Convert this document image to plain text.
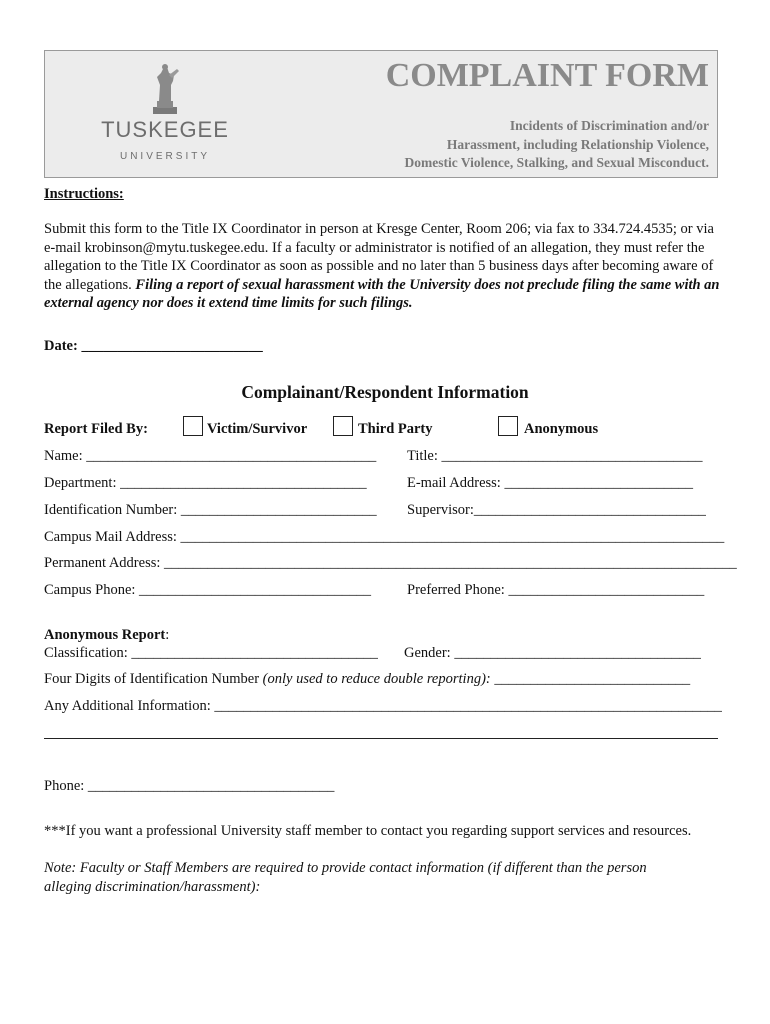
TUSKEGEE
UNIVERSITY
COMPLAINT FORM
Incidents of Discrimination and/or
Harassment, including Relationship Violence,
Domestic Violence, Stalking, and Sexual Misconduct.
Instructions:
Submit this form to the Title IX Coordinator in person at Kresge Center, Room 206; via fax to 334.724.4535; or via e-mail krobinson@mytu.tuskegee.edu. If a faculty or administrator is notified of an allegation, they must refer the allegation to the Title IX Coordinator as soon as possible and no later than 5 business days after becoming aware of the allegations. Filing a report of sexual harassment with the University does not preclude filing the same with an external agency nor does it extend time limits for such filings.
Date: _________________________
Complainant/Respondent Information
Report Filed By:	Victim/Survivor	Third Party	Anonymous
Name: ________________________________________ Title: ____________________________________
Department: __________________________________	E-mail Address: __________________________
Identification Number: ___________________________ Supervisor:________________________________
Campus Mail Address: ___________________________________________________________________________
Permanent Address: _______________________________________________________________________________
Campus Phone: ________________________________ Preferred Phone: ___________________________
Anonymous Report:
Classification: __________________________________ Gender: __________________________________
Four Digits of Identification Number (only used to reduce double reporting): ___________________________
Any Additional Information: ______________________________________________________________________
Phone: __________________________________
***If you want a professional University staff member to contact you regarding support services and resources.
Note: Faculty or Staff Members are required to provide contact information (if different than the person
alleging discrimination/harassment):
